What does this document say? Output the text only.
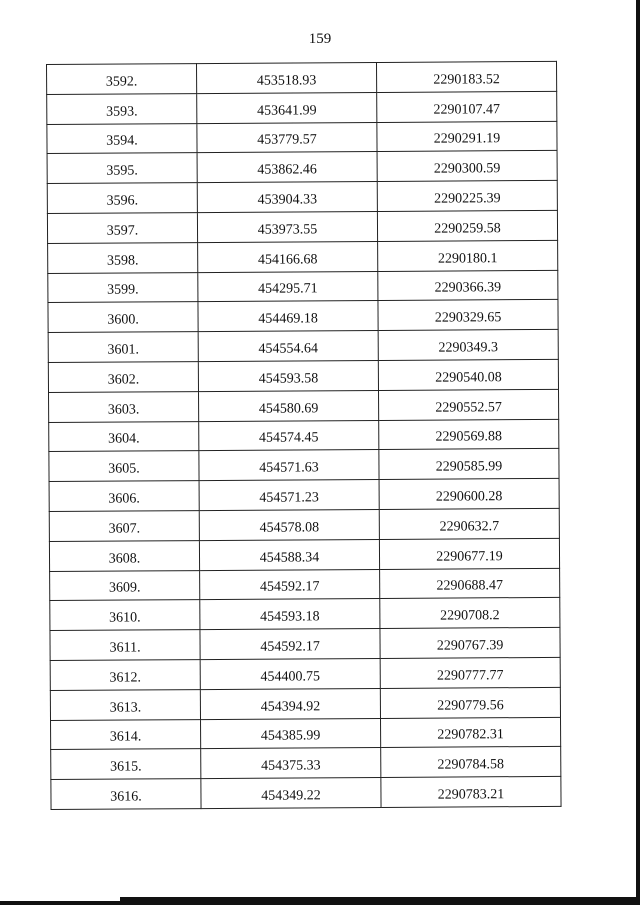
159
3592.	453518.93	2290183.52
3593.	453641.99	2290107.47
3594.	453779.57	2290291.19
3595.	453862.46	2290300.59
3596.	453904.33	2290225.39
3597.	453973.55	2290259.58
3598.	454166.68	2290180.1
3599.	454295.71	2290366.39
3600.	454469.18	2290329.65
3601.	454554.64	2290349.3
3602.	454593.58	2290540.08
3603.	454580.69	2290552.57
3604.	454574.45	2290569.88
3605.	454571.63	2290585.99
3606.	454571.23	2290600.28
3607.	454578.08	2290632.7
3608.	454588.34	2290677.19
3609.	454592.17	2290688.47
3610.	454593.18	2290708.2
3611.	454592.17	2290767.39
3612.	454400.75	2290777.77
3613.	454394.92	2290779.56
3614.	454385.99	2290782.31
3615.	454375.33	2290784.58
3616.	454349.22	2290783.21
